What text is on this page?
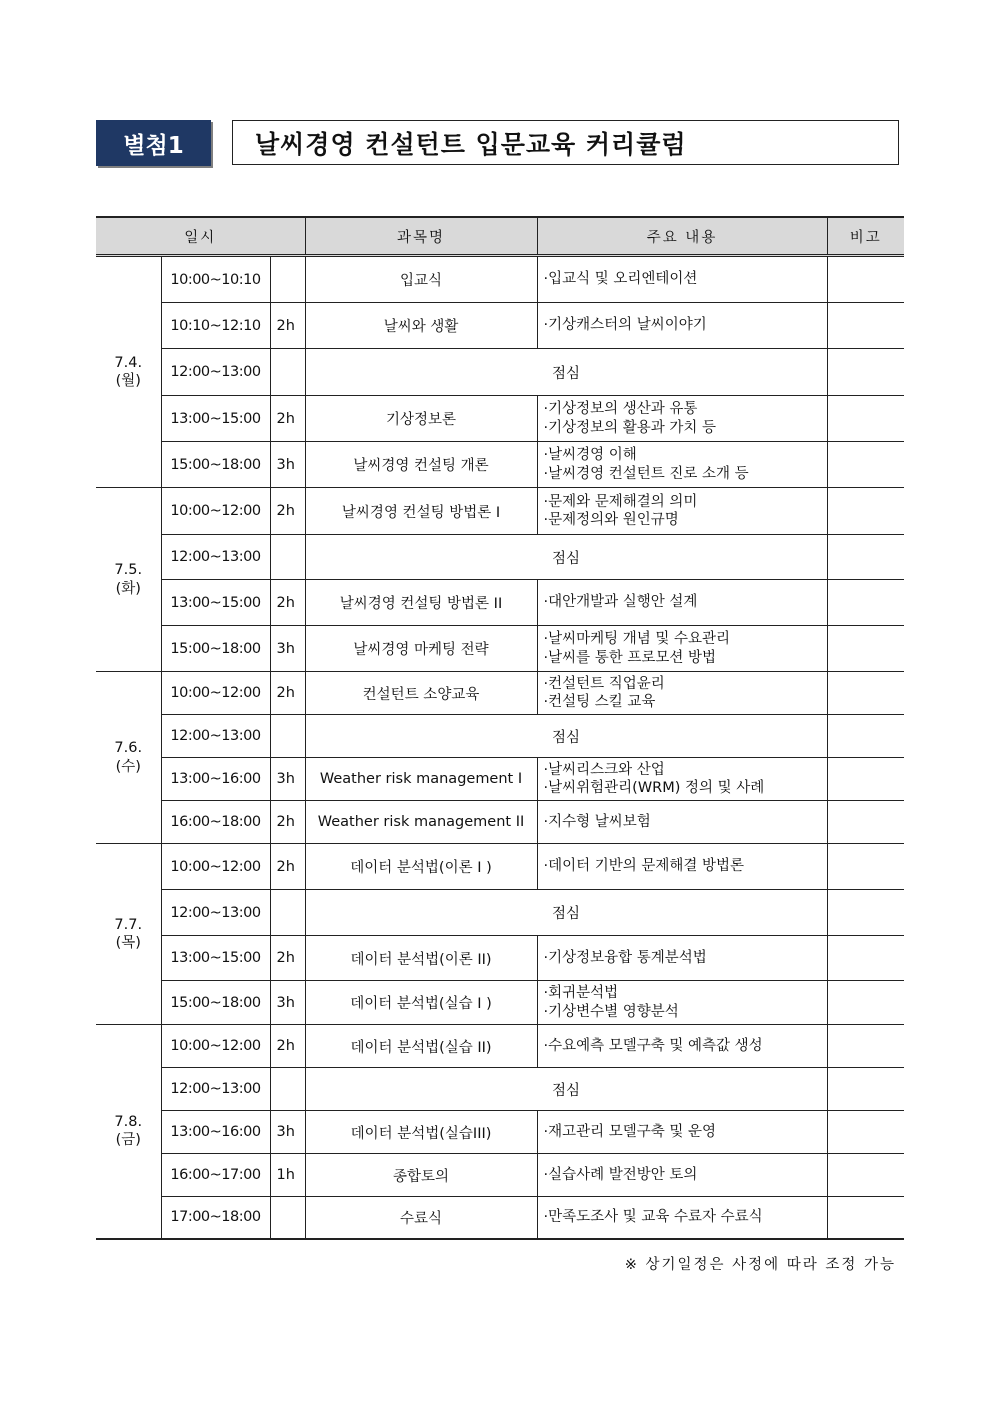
별첨1	날씨경영 컨설턴트 입문교육 커리큘럼
일시			과목명	주요 내용	비고

7.4.
(월)	10:00~10:10		입교식	·입교식 및 오리엔테이션	

	10:10~12:10	2h	날씨와 생활	·기상캐스터의 날씨이야기	

	12:00~13:00		점심		
	13:00~15:00	2h	기상정보론	·기상정보의 생산과 유통
·기상정보의 활용과 가치 등	

	15:00~18:00	3h	날씨경영 컨설팅 개론	·날씨경영 이해
·날씨경영 컨설턴트 진로 소개 등	

7.5.
(화)	10:00~12:00	2h	날씨경영 컨설팅 방법론 I	·문제와 문제해결의 의미
·문제정의와 원인규명	

	12:00~13:00		점심		
	13:00~15:00	2h	날씨경영 컨설팅 방법론 II	·대안개발과 실행안 설계	

	15:00~18:00	3h	날씨경영 마케팅 전략	·날씨마케팅 개념 및 수요관리
·날씨를 통한 프로모션 방법	

7.6.
(수)	10:00~12:00	2h	컨설턴트 소양교육	·컨설턴트 직업윤리
·컨설팅 스킬 교육	

	12:00~13:00		점심		
	13:00~16:00	3h	Weather risk management I	·날씨리스크와 산업
·날씨위험관리(WRM) 정의 및 사례	

	16:00~18:00	2h	Weather risk management II	·지수형 날씨보험	

7.7.
(목)	10:00~12:00	2h	데이터 분석법(이론 I )	·데이터 기반의 문제해결 방법론	

	12:00~13:00		점심		
	13:00~15:00	2h	데이터 분석법(이론 II)	·기상정보융합 통계분석법	

	15:00~18:00	3h	데이터 분석법(실습 I )	·회귀분석법
·기상변수별 영향분석	

7.8.
(금)	10:00~12:00	2h	데이터 분석법(실습 II)	·수요예측 모델구축 및 예측값 생성	

	12:00~13:00		점심		
	13:00~16:00	3h	데이터 분석법(실습III)	·재고관리 모델구축 및 운영	

	16:00~17:00	1h	종합토의	·실습사례 발전방안 토의	

	17:00~18:00		수료식	·만족도조사 및 교육 수료자 수료식	

※ 상기일정은 사정에 따라 조정 가능
